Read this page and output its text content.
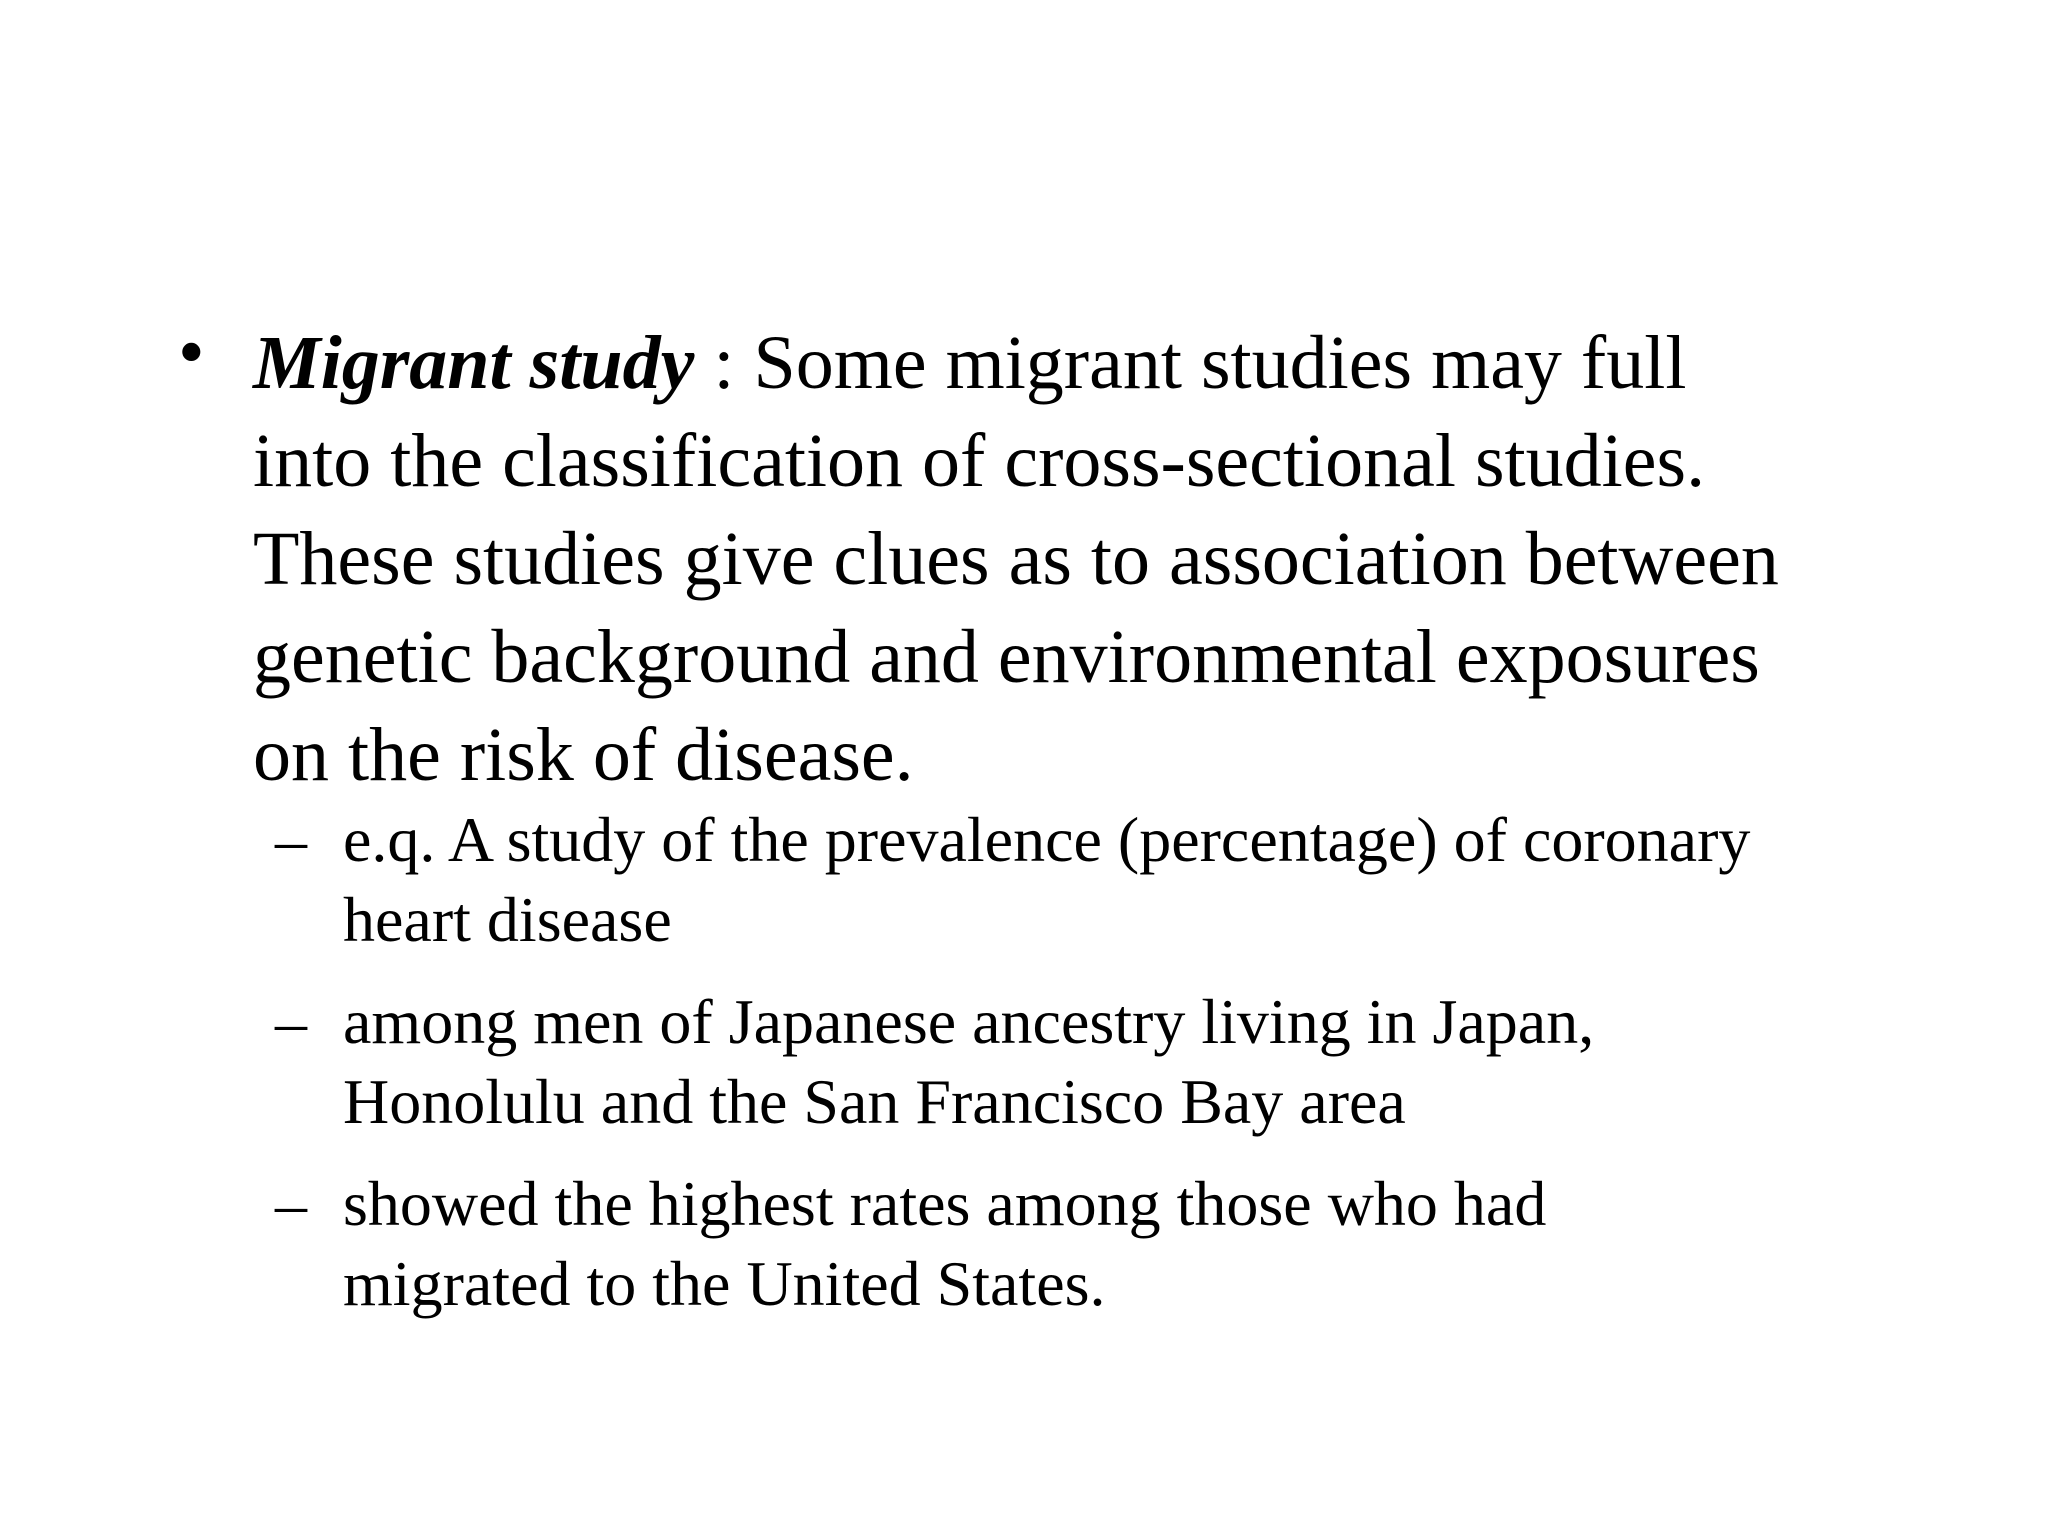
• Migrant study : Some migrant studies may full
into the classification of cross-sectional studies.
These studies give clues as to association between
genetic background and environmental exposures
on the risk of disease.
– e.q. A study of the prevalence (percentage) of coronary
heart disease
– among men of Japanese ancestry living in Japan,
Honolulu and the San Francisco Bay area
– showed the highest rates among those who had
migrated to the United States.
